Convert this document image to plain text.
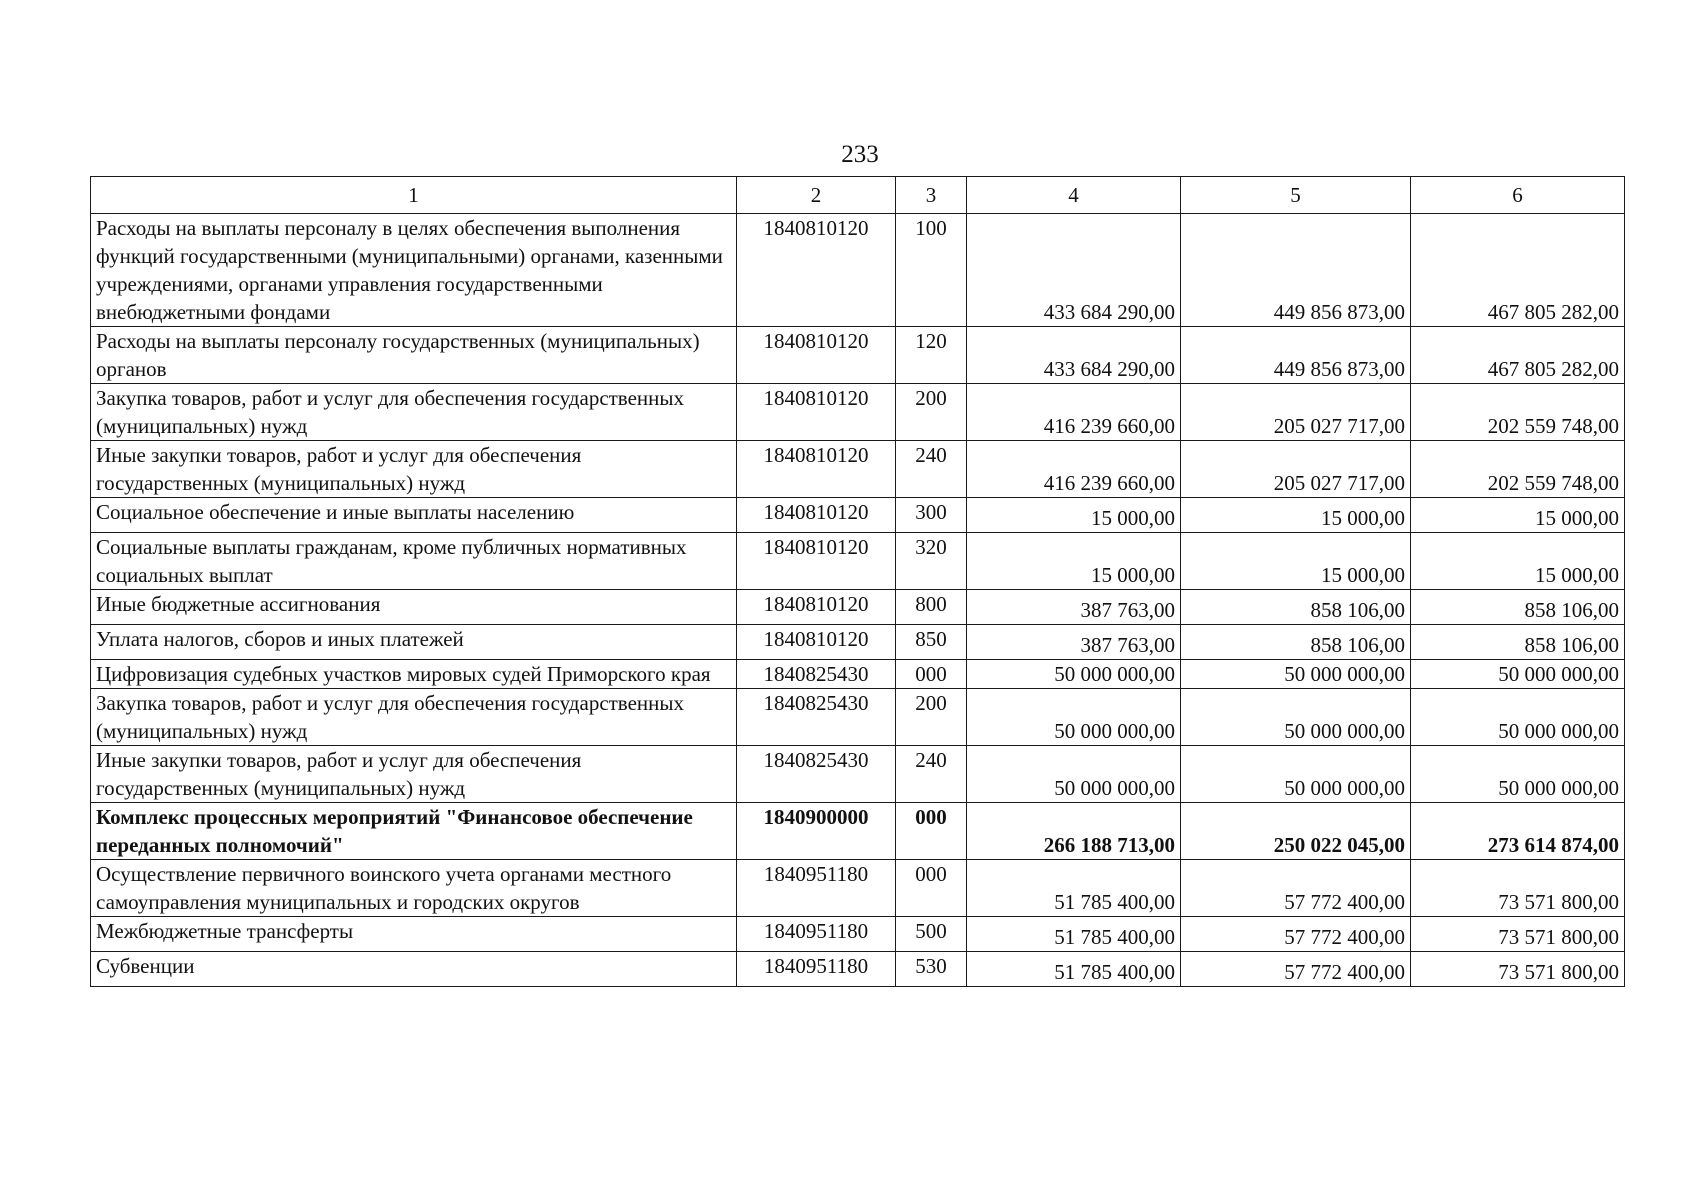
233
1	2	3	4	5	6
Расходы на выплаты персоналу в целях обеспечения выполнения функций государственными (муниципальными) органами, казенными учреждениями, органами управления государственными внебюджетными фондами	1840810120	100	433 684 290,00	449 856 873,00	467 805 282,00
Расходы на выплаты персоналу государственных (муниципальных) органов	1840810120	120	433 684 290,00	449 856 873,00	467 805 282,00
Закупка товаров, работ и услуг для обеспечения государственных (муниципальных) нужд	1840810120	200	416 239 660,00	205 027 717,00	202 559 748,00
Иные закупки товаров, работ и услуг для обеспечения государственных (муниципальных) нужд	1840810120	240	416 239 660,00	205 027 717,00	202 559 748,00
Социальное обеспечение и иные выплаты населению	1840810120	300	15 000,00	15 000,00	15 000,00
Социальные выплаты гражданам, кроме публичных нормативных социальных выплат	1840810120	320	15 000,00	15 000,00	15 000,00
Иные бюджетные ассигнования	1840810120	800	387 763,00	858 106,00	858 106,00
Уплата налогов, сборов и иных платежей	1840810120	850	387 763,00	858 106,00	858 106,00
Цифровизация судебных участков мировых судей Приморского края	1840825430	000	50 000 000,00	50 000 000,00	50 000 000,00
Закупка товаров, работ и услуг для обеспечения государственных (муниципальных) нужд	1840825430	200	50 000 000,00	50 000 000,00	50 000 000,00
Иные закупки товаров, работ и услуг для обеспечения государственных (муниципальных) нужд	1840825430	240	50 000 000,00	50 000 000,00	50 000 000,00
Комплекс процессных мероприятий "Финансовое обеспечение переданных полномочий"	1840900000	000	266 188 713,00	250 022 045,00	273 614 874,00
Осуществление первичного воинского учета органами местного самоуправления муниципальных и городских округов	1840951180	000	51 785 400,00	57 772 400,00	73 571 800,00
Межбюджетные трансферты	1840951180	500	51 785 400,00	57 772 400,00	73 571 800,00
Субвенции	1840951180	530	51 785 400,00	57 772 400,00	73 571 800,00
